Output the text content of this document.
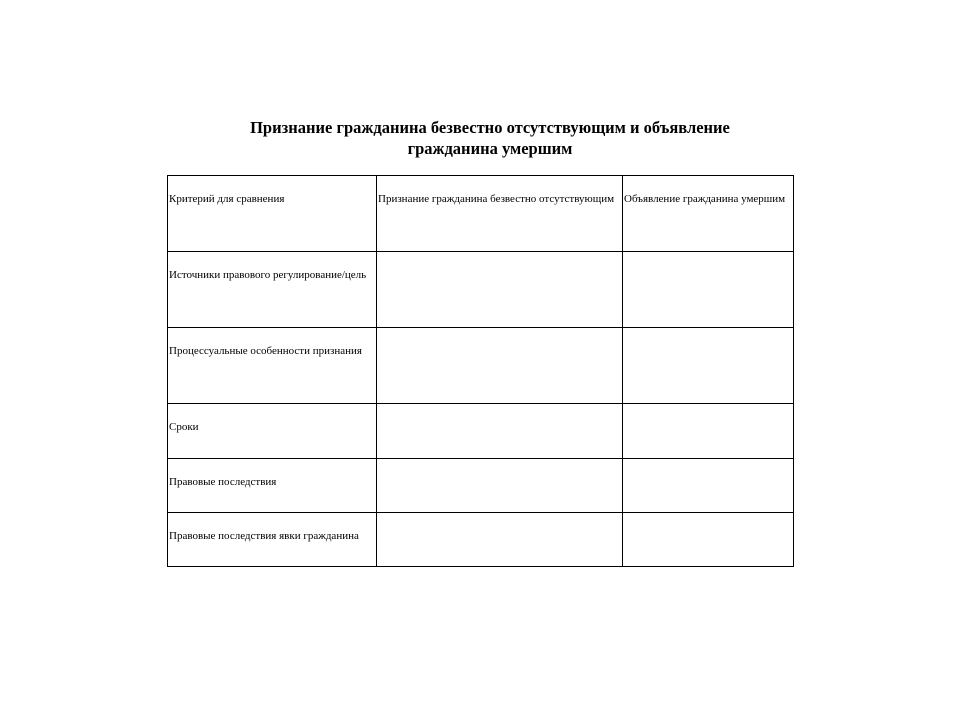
Признание гражданина безвестно отсутствующим и объявление
гражданина умершим
Критерий для сравнения	Признание гражданина безвестно отсутствующим	Объявление гражданина умершим
Источники правового регулирование/цель		
Процессуальные особенности признания		
Сроки		
Правовые последствия		
Правовые последствия явки гражданина		
